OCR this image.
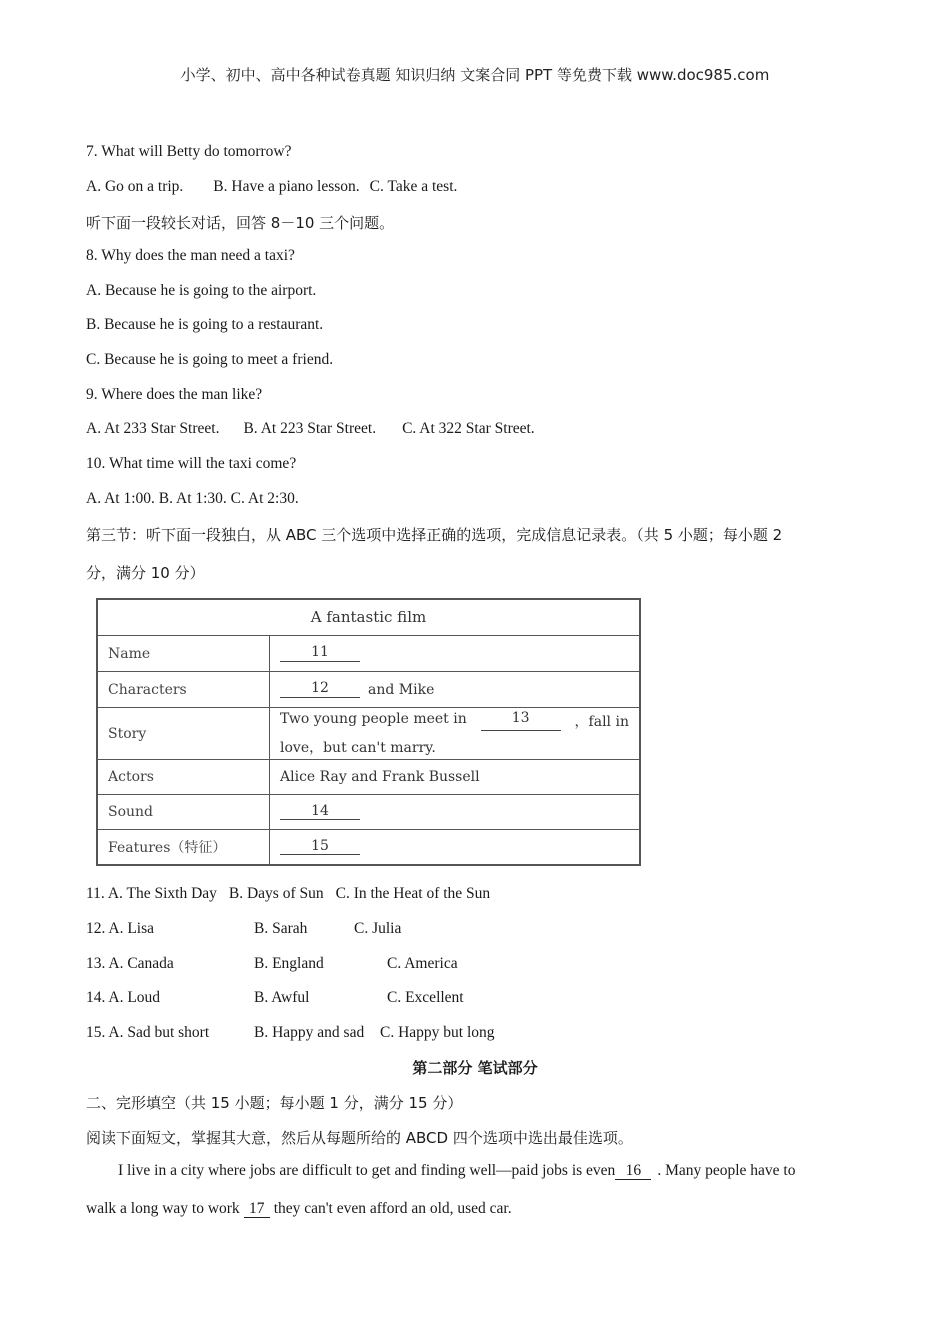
小学、初中、高中各种试卷真题 知识归纳 文案合同 PPT 等免费下载 www.doc985.com
7. What will Betty do tomorrow?
A. Go on a trip. B. Have a piano lesson. C. Take a test.
听下面一段较长对话，回答 8－10 三个问题。
8. Why does the man need a taxi?
A. Because he is going to the airport.
B. Because he is going to a restaurant.
C. Because he is going to meet a friend.
9. Where does the man like?
A. At 233 Star Street. B. At 223 Star Street. C. At 322 Star Street.
10. What time will the taxi come?
A. At 1:00. B. At 1:30. C. At 2:30.
第三节：听下面一段独白，从 ABC 三个选项中选择正确的选项，完成信息记录表。（共 5 小题；每小题 2
分，满分 10 分）
A fantastic film
Name	11
Characters	12	and Mike
Story
Two young people meet in	13	，fall in
love，but can't marry.
Actors	Alice Ray and Frank Bussell
Sound	14
Features（特征）	15
11. A. The Sixth Day B. Days of Sun C. In the Heat of the Sun
12. A. Lisa	B. Sarah	C. Julia
13. A. Canada	B. England	C. America
14. A. Loud	B. Awful	C. Excellent
15. A. Sad but short	B. Happy and sad C. Happy but long
第二部分 笔试部分
二、完形填空（共 15 小题；每小题 1 分，满分 15 分）
阅读下面短文，掌握其大意，然后从每题所给的 ABCD 四个选项中选出最佳选项。
I live in a city where jobs are difficult to get and finding well—paid jobs is even 16 . Many people have to
walk a long way to work 17 they can't even afford an old, used car.
